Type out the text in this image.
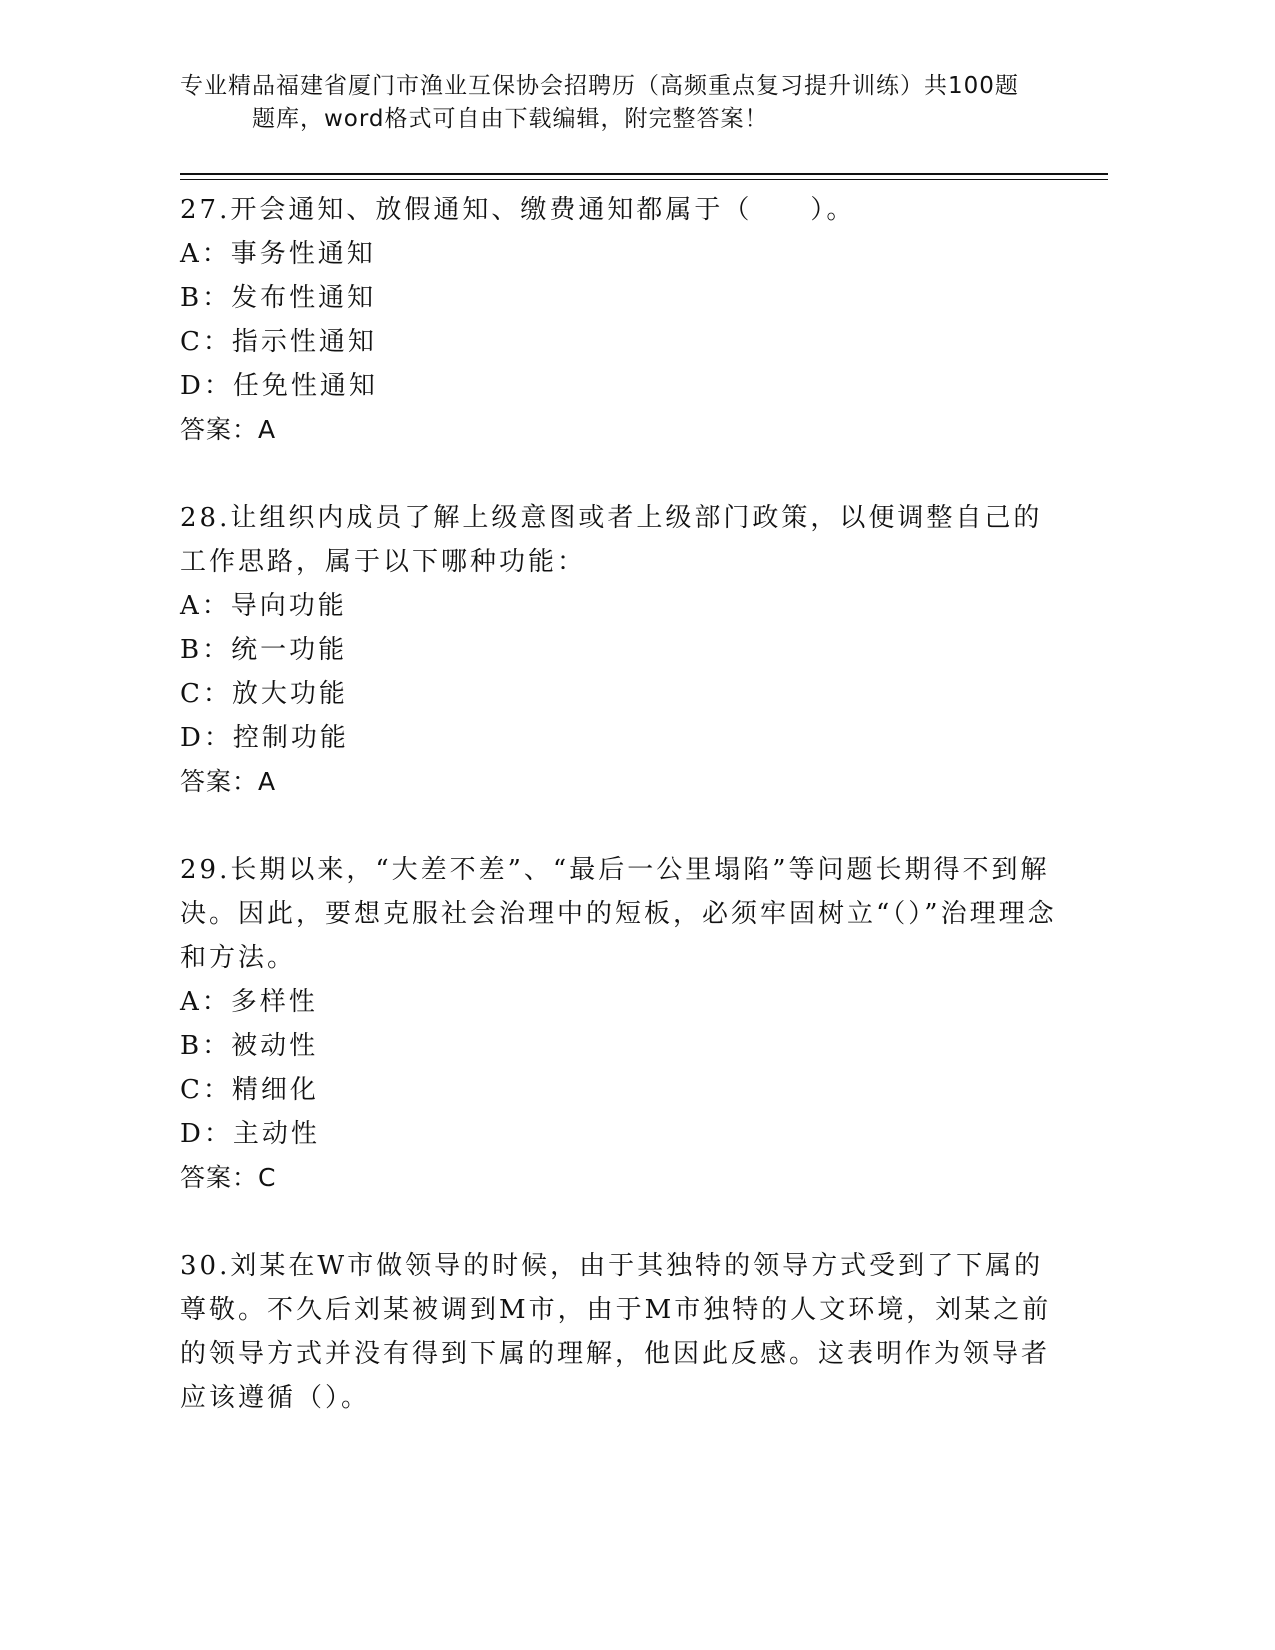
专业精品福建省厦门市渔业互保协会招聘历（高频重点复习提升训练）共100题
题库，word格式可自由下载编辑，附完整答案！

27.开会通知、放假通知、缴费通知都属于（　　）。

A：事务性通知

B：发布性通知

C：指示性通知

D：任免性通知

答案：A

28.让组织内成员了解上级意图或者上级部门政策，以便调整自己的工作思路，属于以下哪种功能：

A：导向功能

B：统一功能

C：放大功能

D：控制功能

答案：A

29.长期以来，“大差不差”、“最后一公里塌陷”等问题长期得不到解决。因此，要想克服社会治理中的短板，必须牢固树立“（）”治理理念和方法。

A：多样性

B：被动性

C：精细化

D：主动性

答案：C

30.刘某在W市做领导的时候，由于其独特的领导方式受到了下属的尊敬。不久后刘某被调到M市，由于M市独特的人文环境，刘某之前的领导方式并没有得到下属的理解，他因此反感。这表明作为领导者应该遵循（）。
